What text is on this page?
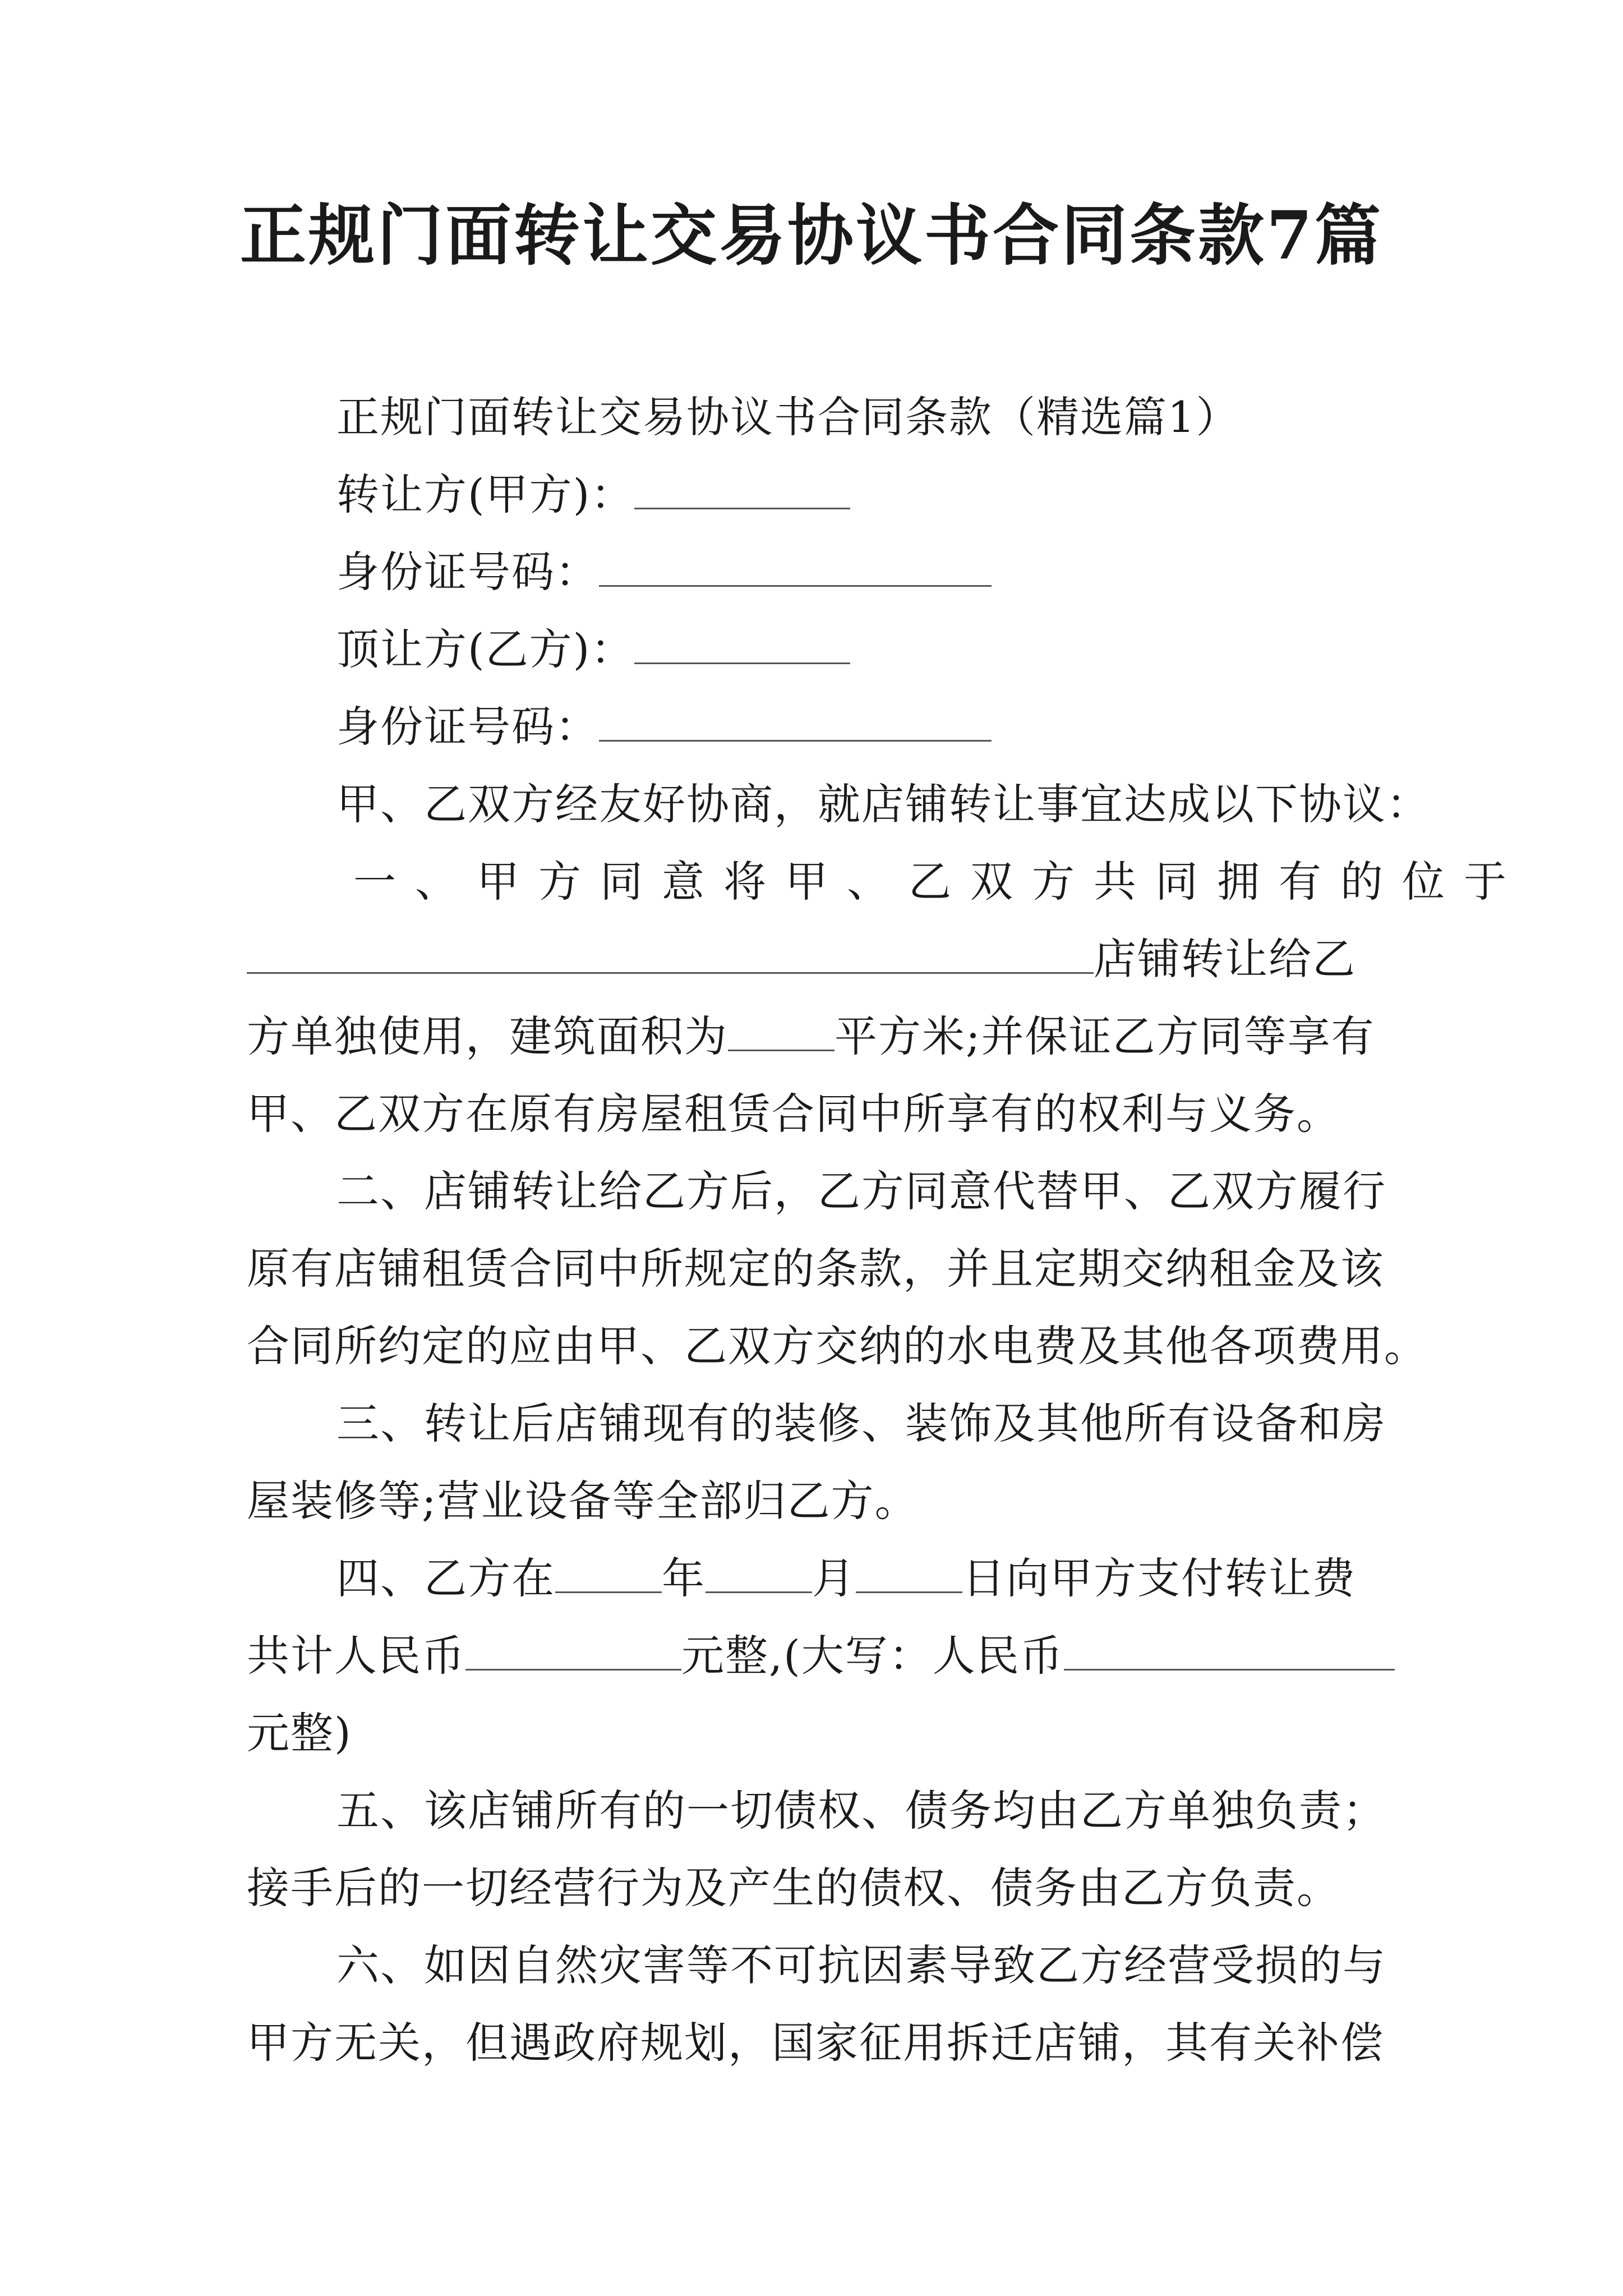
正规门面转让交易协议书合同条款7篇
正规门面转让交易协议书合同条款（精选篇1）
转让方(甲方)：
身份证号码：
顶让方(乙方)：
身份证号码：
甲、乙双方经友好协商，就店铺转让事宜达成以下协议：
一、甲方同意将甲、乙双方共同拥有的位于
店铺转让给乙
方单独使用，建筑面积为	平方米;并保证乙方同等享有
甲、乙双方在原有房屋租赁合同中所享有的权利与义务。
二、店铺转让给乙方后，乙方同意代替甲、乙双方履行
原有店铺租赁合同中所规定的条款，并且定期交纳租金及该
合同所约定的应由甲、乙双方交纳的水电费及其他各项费用。
三、转让后店铺现有的装修、装饰及其他所有设备和房
屋装修等;营业设备等全部归乙方。
四、乙方在	年	月	日向甲方支付转让费
共计人民币	元整,(大写：人民币
元整)
五、该店铺所有的一切债权、债务均由乙方单独负责；
接手后的一切经营行为及产生的债权、债务由乙方负责。
六、如因自然灾害等不可抗因素导致乙方经营受损的与
甲方无关，但遇政府规划，国家征用拆迁店铺，其有关补偿
